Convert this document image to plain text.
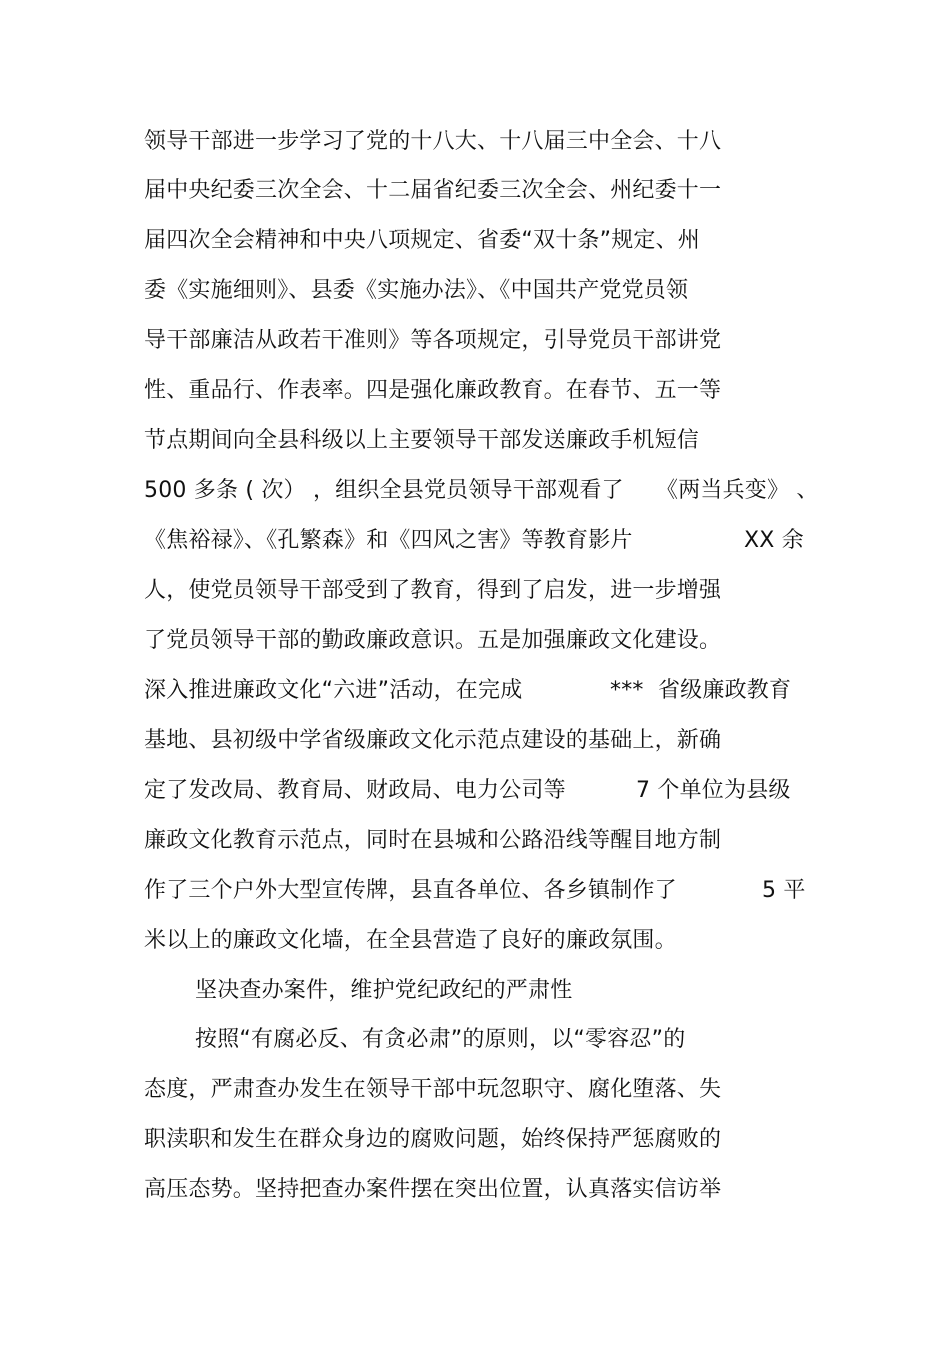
领导干部进一步学习了党的十八大、十八届三中全会、十八
届中央纪委三次全会、十二届省纪委三次全会、州纪委十一
届四次全会精神和中央八项规定、省委“双十条”规定、州
委《实施细则》、县委《实施办法》、《中国共产党党员领
导干部廉洁从政若干准则》等各项规定，引导党员干部讲党
性、重品行、作表率。四是强化廉政教育。在春节、五一等
节点期间向全县科级以上主要领导干部发送廉政手机短信

500 多条 ( 次） ，组织全县党员领导干部观看了

《两当兵变》 、

《焦裕禄》、《孔繁森》和《四风之害》等教育影片

	XX 余

人，使党员领导干部受到了教育，得到了启发，进一步增强
了党员领导干部的勤政廉政意识。五是加强廉政文化建设。

深入推进廉政文化“六进”活动，在完成

	***  省级廉政教育

基地、县初级中学省级廉政文化示范点建设的基础上，新确

定了发改局、教育局、财政局、电力公司等

	7 个单位为县级

廉政文化教育示范点，同时在县城和公路沿线等醒目地方制

作了三个户外大型宣传牌，县直各单位、各乡镇制作了

	5 平

米以上的廉政文化墙，在全县营造了良好的廉政氛围。
坚决查办案件，维护党纪政纪的严肃性
按照“有腐必反、有贪必肃”的原则，以“零容忍”的
态度，严肃查办发生在领导干部中玩忽职守、腐化堕落、失
职渎职和发生在群众身边的腐败问题，始终保持严惩腐败的
高压态势。坚持把查办案件摆在突出位置，认真落实信访举
